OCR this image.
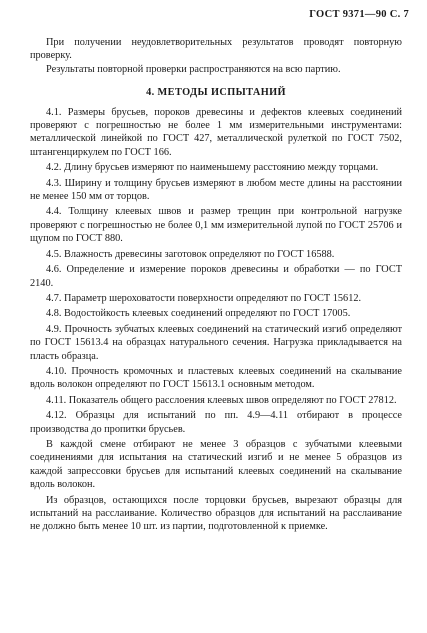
ГОСТ 9371—90 С. 7

При получении неудовлетворительных результатов проводят повторную проверку.

Результаты повторной проверки распространяются на всю партию.

4. МЕТОДЫ ИСПЫТАНИЙ

4.1. Размеры брусьев, пороков древесины и дефектов клеевых соединений проверяют с погрешностью не более 1 мм измерительными инструментами: металлической линейкой по ГОСТ 427, металлической рулеткой по ГОСТ 7502, штангенциркулем по ГОСТ 166.

4.2. Длину брусьев измеряют по наименьшему расстоянию между торцами.

4.3. Ширину и толщину брусьев измеряют в любом месте длины на расстоянии не менее 150 мм от торцов.

4.4. Толщину клеевых швов и размер трещин при контрольной нагрузке проверяют с погрешностью не более 0,1 мм измерительной лупой по ГОСТ 25706 и щупом по ГОСТ 880.

4.5. Влажность древесины заготовок определяют по ГОСТ 16588.

4.6. Определение и измерение пороков древесины и обработки — по ГОСТ 2140.

4.7. Параметр шероховатости поверхности определяют по ГОСТ 15612.

4.8. Водостойкость клеевых соединений определяют по ГОСТ 17005.

4.9. Прочность зубчатых клеевых соединений на статический изгиб определяют по ГОСТ 15613.4 на образцах натурального сечения. Нагрузка прикладывается на пласть образца.

4.10. Прочность кромочных и пластевых клеевых соединений на скалывание вдоль волокон определяют по ГОСТ 15613.1 основным методом.

4.11. Показатель общего расслоения клеевых швов определяют по ГОСТ 27812.

4.12. Образцы для испытаний по пп. 4.9—4.11 отбирают в процессе производства до пропитки брусьев.

В каждой смене отбирают не менее 3 образцов с зубчатыми клеевыми соединениями для испытания на статический изгиб и не менее 5 образцов из каждой запрессовки брусьев для испытаний клеевых соединений на скалывание вдоль волокон.

Из образцов, остающихся после торцовки брусьев, вырезают образцы для испытаний на расслаивание. Количество образцов для испытаний на расслаивание не должно быть менее 10 шт. из партии, подготовленной к приемке.
